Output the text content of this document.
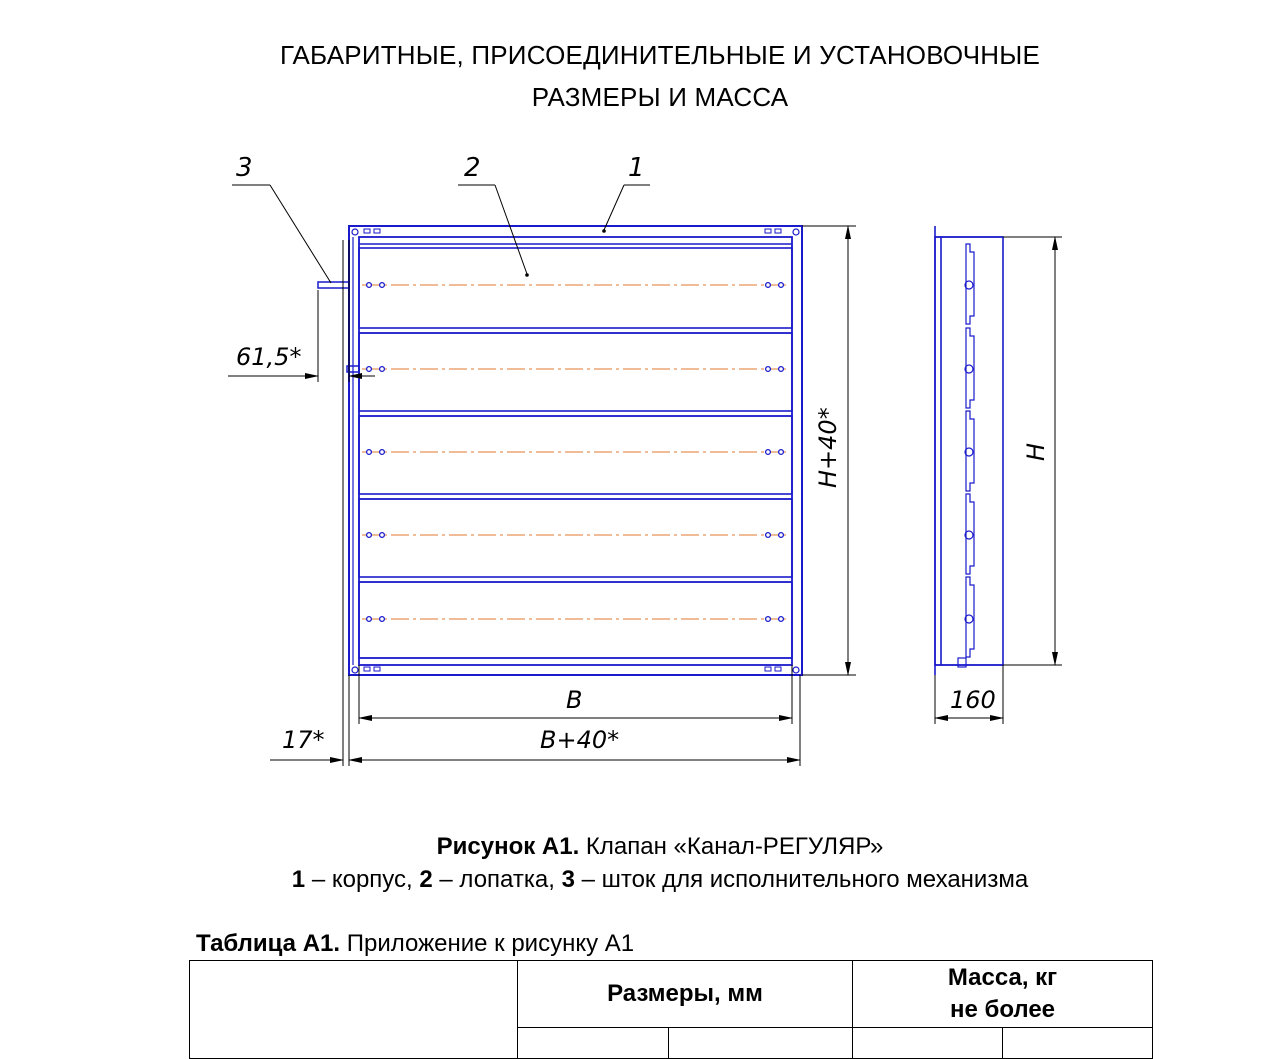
ГАБАРИТНЫЕ, ПРИСОЕДИНИТЕЛЬНЫЕ И УСТАНОВОЧНЫЕ
РАЗМЕРЫ И МАССА
3	2	1
61,5*
B
B+40*
17*
H+40*	H
160
Рисунок А1. Клапан «Канал-РЕГУЛЯР»
1 – корпус, 2 – лопатка, 3 – шток для исполнительного механизма
Таблица А1. Приложение к рисунку А1
	Размеры, мм		Масса, кг
не более	
